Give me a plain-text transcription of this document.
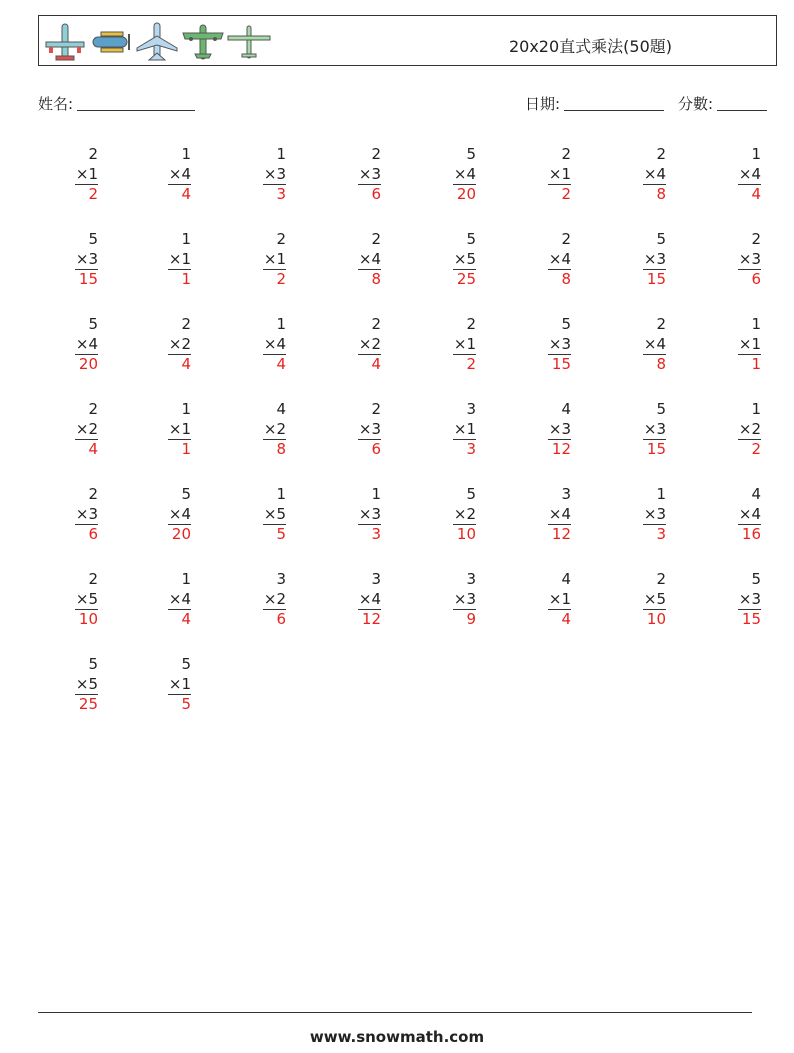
20x20直式乘法(50題)
姓名:	日期:	分數:
2
×1
2
1
×4
4
1
×3
3
2
×3
6
5
×4
20
2
×1
2
2
×4
8
1
×4
4
5
×3
15
1
×1
1
2
×1
2
2
×4
8
5
×5
25
2
×4
8
5
×3
15
2
×3
6
5
×4
20
2
×2
4
1
×4
4
2
×2
4
2
×1
2
5
×3
15
2
×4
8
1
×1
1
2
×2
4
1
×1
1
4
×2
8
2
×3
6
3
×1
3
4
×3
12
5
×3
15
1
×2
2
2
×3
6
5
×4
20
1
×5
5
1
×3
3
5
×2
10
3
×4
12
1
×3
3
4
×4
16
2
×5
10
1
×4
4
3
×2
6
3
×4
12
3
×3
9
4
×1
4
2
×5
10
5
×3
15
5
×5
25
5
×1
5
www.snowmath.com
